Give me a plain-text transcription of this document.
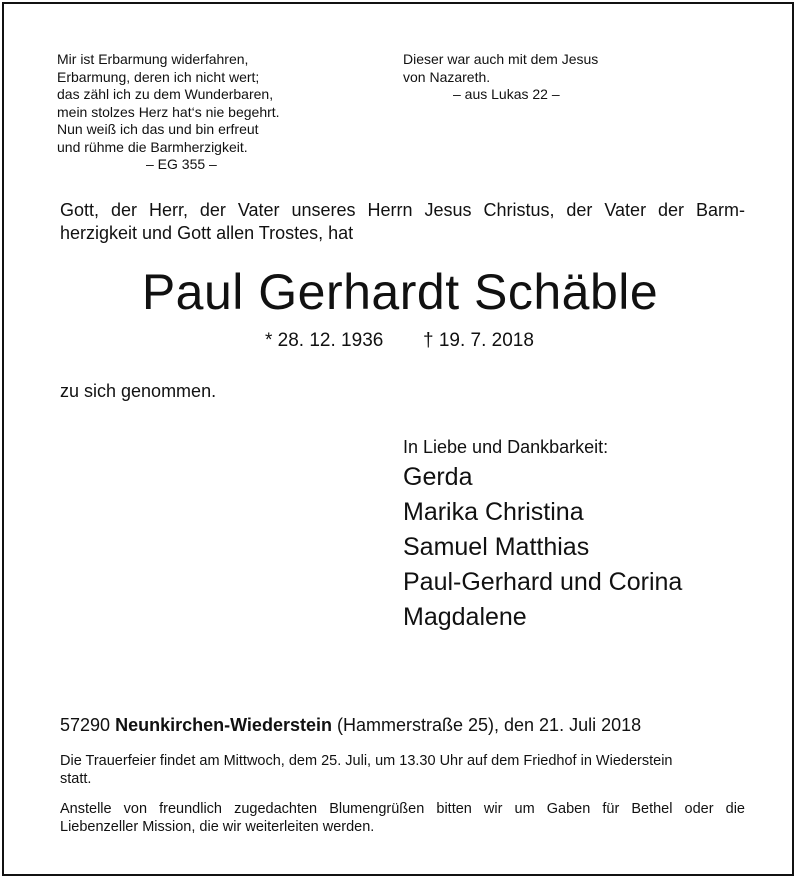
Mir ist Erbarmung widerfahren,
Erbarmung, deren ich nicht wert;
das zähl ich zu dem Wunderbaren,
mein stolzes Herz hat‘s nie begehrt.
Nun weiß ich das und bin erfreut
und rühme die Barmherzigkeit.
– EG 355 –
Dieser war auch mit dem Jesus
von Nazareth.
– aus Lukas 22 –
Gott, der Herr, der Vater unseres Herrn Jesus Christus, der Vater der Barm-
herzigkeit und Gott allen Trostes, hat
Paul Gerhardt Schäble
* 28. 12. 1936 † 19. 7. 2018
zu sich genommen.
In Liebe und Dankbarkeit:
Gerda
Marika Christina
Samuel Matthias
Paul-Gerhard und Corina
Magdalene
57290 Neunkirchen-Wiederstein (Hammerstraße 25), den 21. Juli 2018
Die Trauerfeier findet am Mittwoch, dem 25. Juli, um 13.30 Uhr auf dem Friedhof in Wiederstein
statt.
Anstelle von freundlich zugedachten Blumengrüßen bitten wir um Gaben für Bethel oder die
Liebenzeller Mission, die wir weiterleiten werden.
